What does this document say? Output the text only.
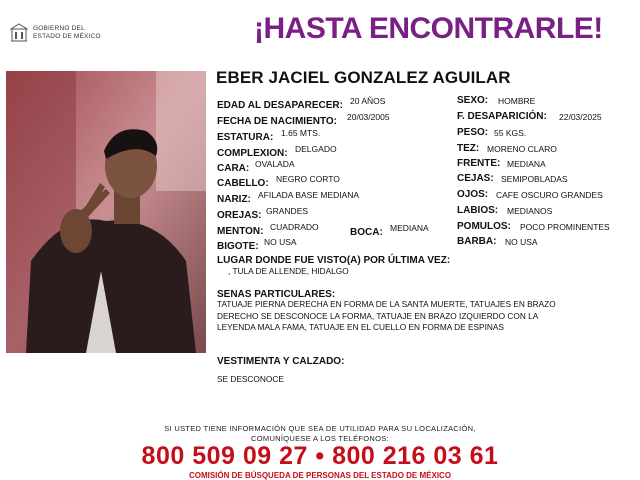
GOBIERNO DEL
ESTADO DE MÉXICO	¡HASTA ENCONTRARLE!
EBER JACIEL GONZALEZ AGUILAR
EDAD AL DESAPARECER: 20 AÑOS
FECHA DE NACIMIENTO: 20/03/2005
ESTATURA: 1.65 MTS.
COMPLEXION: DELGADO
CARA: OVALADA
CABELLO: NEGRO CORTO
NARIZ: AFILADA BASE MEDIANA
OREJAS: GRANDES
MENTON: CUADRADO	BOCA: MEDIANA
BIGOTE: NO USA
SEXO: HOMBRE
F. DESAPARICIÓN: 22/03/2025
PESO: 55 KGS.
TEZ: MORENO CLARO
FRENTE: MEDIANA
CEJAS: SEMIPOBLADAS
OJOS: CAFE OSCURO GRANDES
LABIOS: MEDIANOS
POMULOS: POCO PROMINENTES
BARBA: NO USA
LUGAR DONDE FUE VISTO(A) POR ÚLTIMA VEZ:
, TULA DE ALLENDE, HIDALGO
SENAS PARTICULARES:
TATUAJE PIERNA DERECHA EN FORMA DE LA SANTA MUERTE, TATUAJES EN BRAZO
DERECHO SE DESCONOCE LA FORMA, TATUAJE EN BRAZO IZQUIERDO CON LA
LEYENDA MALA FAMA, TATUAJE EN EL CUELLO EN FORMA DE ESPINAS
VESTIMENTA Y CALZADO:
SE DESCONOCE
SI USTED TIENE INFORMACIÓN QUE SEA DE UTILIDAD PARA SU LOCALIZACIÓN,
COMUNÍQUESE A LOS TELÉFONOS:
800 509 09 27 • 800 216 03 61
COMISIÓN DE BÚSQUEDA DE PERSONAS DEL ESTADO DE MÉXICO
